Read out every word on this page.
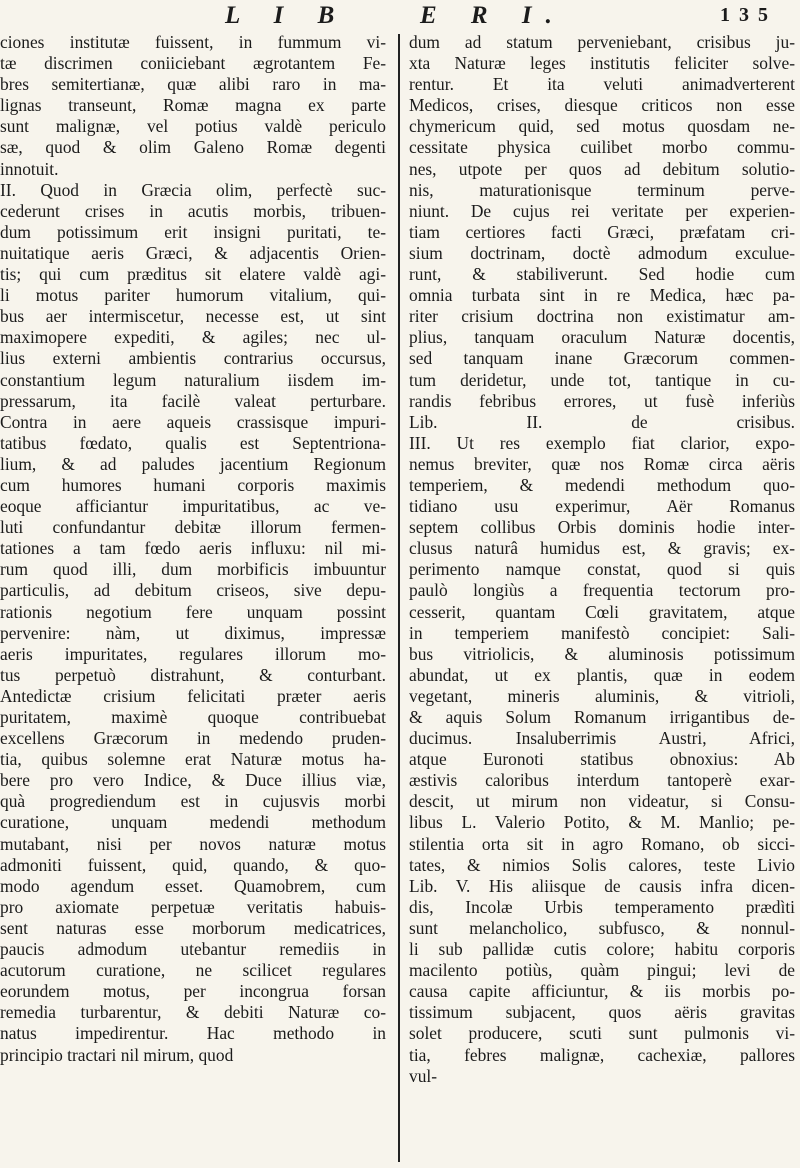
L I B	E R I.	1 3 5
ciones institutæ fuissent, in fummum vi-
tæ discrimen coniiciebant ægrotantem Fe-
bres semitertianæ, quæ alibi raro in ma-
lignas transeunt, Romæ magna ex parte
sunt malignæ, vel potius valdè periculo
sæ, quod & olim Galeno Romæ degenti
innotuit.
II. Quod in Græcia olim, perfectè suc-
cederunt crises in acutis morbis, tribuen-
dum potissimum erit insigni puritati, te-
nuitatique aeris Græci, & adjacentis Orien-
tis; qui cum præditus sit elatere valdè agi-
li motus pariter humorum vitalium, qui-
bus aer intermiscetur, necesse est, ut sint
maximopere expediti, & agiles; nec ul-
lius externi ambientis contrarius occursus,
constantium legum naturalium iisdem im-
pressarum, ita facilè valeat perturbare.
Contra in aere aqueis crassisque impuri-
tatibus fœdato, qualis est Septentriona-
lium, & ad paludes jacentium Regionum
cum humores humani corporis maximis
eoque afficiantur impuritatibus, ac ve-
luti confundantur debitæ illorum fermen-
tationes a tam fœdo aeris influxu: nil mi-
rum quod illi, dum morbificis imbuuntur
particulis, ad debitum criseos, sive depu-
rationis negotium fere unquam possint
pervenire: nàm, ut diximus, impressæ
aeris impuritates, regulares illorum mo-
tus perpetuò distrahunt, & conturbant.
Antedictæ crisium felicitati præter aeris
puritatem, maximè quoque contribuebat
excellens Græcorum in medendo pruden-
tia, quibus solemne erat Naturæ motus ha-
bere pro vero Indice, & Duce illius viæ,
quà progrediendum est in cujusvis morbi
curatione, unquam medendi methodum
mutabant, nisi per novos naturæ motus
admoniti fuissent, quid, quando, & quo-
modo agendum esset. Quamobrem, cum
pro axiomate perpetuæ veritatis habuis-
sent naturas esse morborum medicatrices,
paucis admodum utebantur remediis in
acutorum curatione, ne scilicet regulares
eorundem motus, per incongrua forsan
remedia turbarentur, & debiti Naturæ co-
natus impedirentur. Hac methodo in
principio tractari nil mirum, quod
dum ad statum perveniebant, crisibus ju-
xta Naturæ leges institutis feliciter solve-
rentur. Et ita veluti animadverterent
Medicos, crises, diesque criticos non esse
chymericum quid, sed motus quosdam ne-
cessitate physica cuilibet morbo commu-
nes, utpote per quos ad debitum solutio-
nis, maturationisque terminum perve-
niunt. De cujus rei veritate per experien-
tiam certiores facti Græci, præfatam cri-
sium doctrinam, doctè admodum exculue-
runt, & stabiliverunt. Sed hodie cum
omnia turbata sint in re Medica, hæc pa-
riter crisium doctrina non existimatur am-
plius, tanquam oraculum Naturæ docentis,
sed tanquam inane Græcorum commen-
tum deridetur, unde tot, tantique in cu-
randis febribus errores, ut fusè inferiùs
Lib. II. de crisibus.
III. Ut res exemplo fiat clarior, expo-
nemus breviter, quæ nos Romæ circa aëris
temperiem, & medendi methodum quo-
tidiano usu experimur, Aër Romanus
septem collibus Orbis dominis hodie inter-
clusus naturâ humidus est, & gravis; ex-
perimento namque constat, quod si quis
paulò longiùs a frequentia tectorum pro-
cesserit, quantam Cœli gravitatem, atque
in temperiem manifestò concipiet: Sali-
bus vitriolicis, & aluminosis potissimum
abundat, ut ex plantis, quæ in eodem
vegetant, mineris aluminis, & vitrioli,
& aquis Solum Romanum irrigantibus de-
ducimus. Insaluberrimis Austri, Africi,
atque Euronoti statibus obnoxius: Ab
æstivis caloribus interdum tantoperè exar-
descit, ut mirum non videatur, si Consu-
libus L. Valerio Potito, & M. Manlio; pe-
stilentia orta sit in agro Romano, ob sicci-
tates, & nimios Solis calores, teste Livio
Lib. V. His aliisque de causis infra dicen-
dis, Incolæ Urbis temperamento prædìti
sunt melancholico, subfusco, & nonnul-
li sub pallidæ cutis colore; habitu corporis
macilento potiùs, quàm pingui; levi de
causa capite afficiuntur, & iis morbis po-
tissimum subjacent, quos aëris gravitas
solet producere, scuti sunt pulmonis vi-
tia, febres malignæ, cachexiæ, pallores
vul-
